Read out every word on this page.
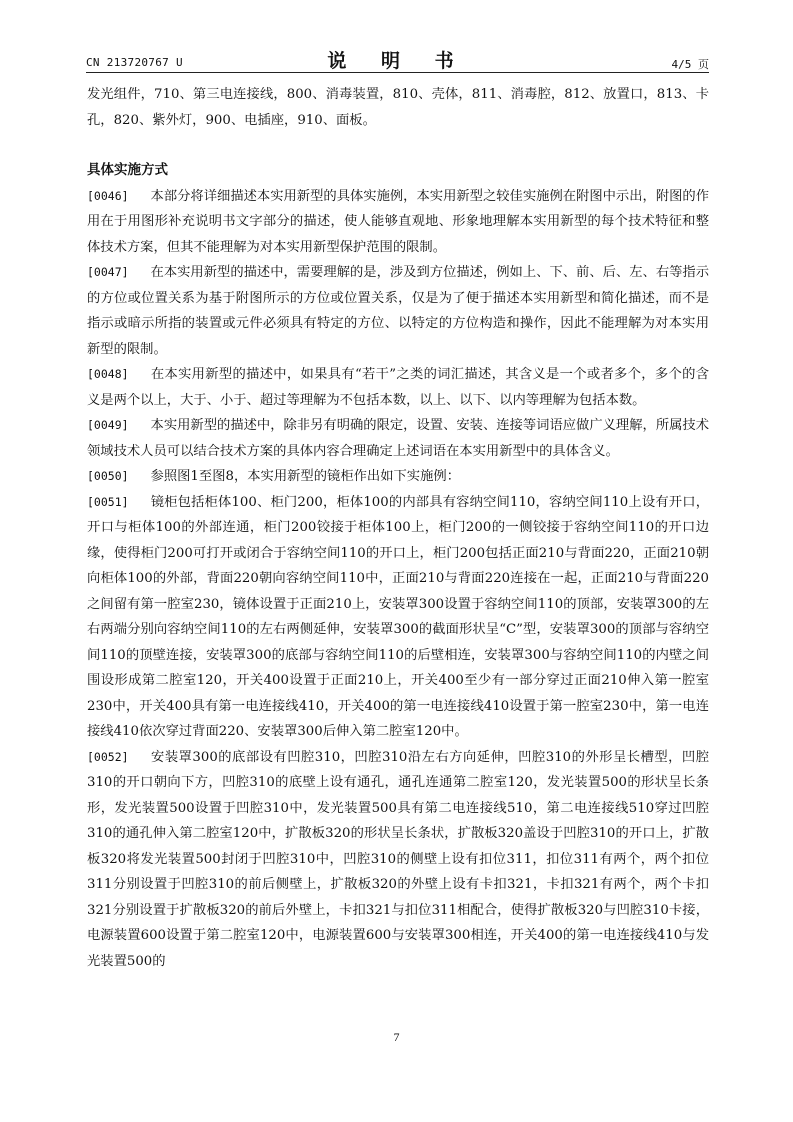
CN 213720767 U	说 明 书	4/5 页

发光组件，710、第三电连接线，800、消毒装置，810、壳体，811、消毒腔，812、放置口，813、卡孔，820、紫外灯，900、电插座，910、面板。

具体实施方式

[0046] 本部分将详细描述本实用新型的具体实施例，本实用新型之较佳实施例在附图中示出，附图的作用在于用图形补充说明书文字部分的描述，使人能够直观地、形象地理解本实用新型的每个技术特征和整体技术方案，但其不能理解为对本实用新型保护范围的限制。

[0047] 在本实用新型的描述中，需要理解的是，涉及到方位描述，例如上、下、前、后、左、右等指示的方位或位置关系为基于附图所示的方位或位置关系，仅是为了便于描述本实用新型和简化描述，而不是指示或暗示所指的装置或元件必须具有特定的方位、以特定的方位构造和操作，因此不能理解为对本实用新型的限制。

[0048] 在本实用新型的描述中，如果具有“若干”之类的词汇描述，其含义是一个或者多个，多个的含义是两个以上，大于、小于、超过等理解为不包括本数，以上、以下、以内等理解为包括本数。

[0049] 本实用新型的描述中，除非另有明确的限定，设置、安装、连接等词语应做广义理解，所属技术领域技术人员可以结合技术方案的具体内容合理确定上述词语在本实用新型中的具体含义。

[0050] 参照图1至图8，本实用新型的镜柜作出如下实施例：

[0051] 镜柜包括柜体100、柜门200，柜体100的内部具有容纳空间110，容纳空间110上设有开口，开口与柜体100的外部连通，柜门200铰接于柜体100上，柜门200的一侧铰接于容纳空间110的开口边缘，使得柜门200可打开或闭合于容纳空间110的开口上，柜门200包括正面210与背面220，正面210朝向柜体100的外部，背面220朝向容纳空间110中，正面210与背面220连接在一起，正面210与背面220之间留有第一腔室230，镜体设置于正面210上，安装罩300设置于容纳空间110的顶部，安装罩300的左右两端分别向容纳空间110的左右两侧延伸，安装罩300的截面形状呈“C”型，安装罩300的顶部与容纳空间110的顶壁连接，安装罩300的底部与容纳空间110的后壁相连，安装罩300与容纳空间110的内壁之间围设形成第二腔室120，开关400设置于正面210上，开关400至少有一部分穿过正面210伸入第一腔室230中，开关400具有第一电连接线410，开关400的第一电连接线410设置于第一腔室230中，第一电连接线410依次穿过背面220、安装罩300后伸入第二腔室120中。

[0052] 安装罩300的底部设有凹腔310，凹腔310沿左右方向延伸，凹腔310的外形呈长槽型，凹腔310的开口朝向下方，凹腔310的底壁上设有通孔，通孔连通第二腔室120，发光装置500的形状呈长条形，发光装置500设置于凹腔310中，发光装置500具有第二电连接线510，第二电连接线510穿过凹腔310的通孔伸入第二腔室120中，扩散板320的形状呈长条状，扩散板320盖设于凹腔310的开口上，扩散板320将发光装置500封闭于凹腔310中，凹腔310的侧壁上设有扣位311，扣位311有两个，两个扣位311分别设置于凹腔310的前后侧壁上，扩散板320的外壁上设有卡扣321，卡扣321有两个，两个卡扣321分别设置于扩散板320的前后外壁上，卡扣321与扣位311相配合，使得扩散板320与凹腔310卡接，电源装置600设置于第二腔室120中，电源装置600与安装罩300相连，开关400的第一电连接线410与发光装置500的

7
